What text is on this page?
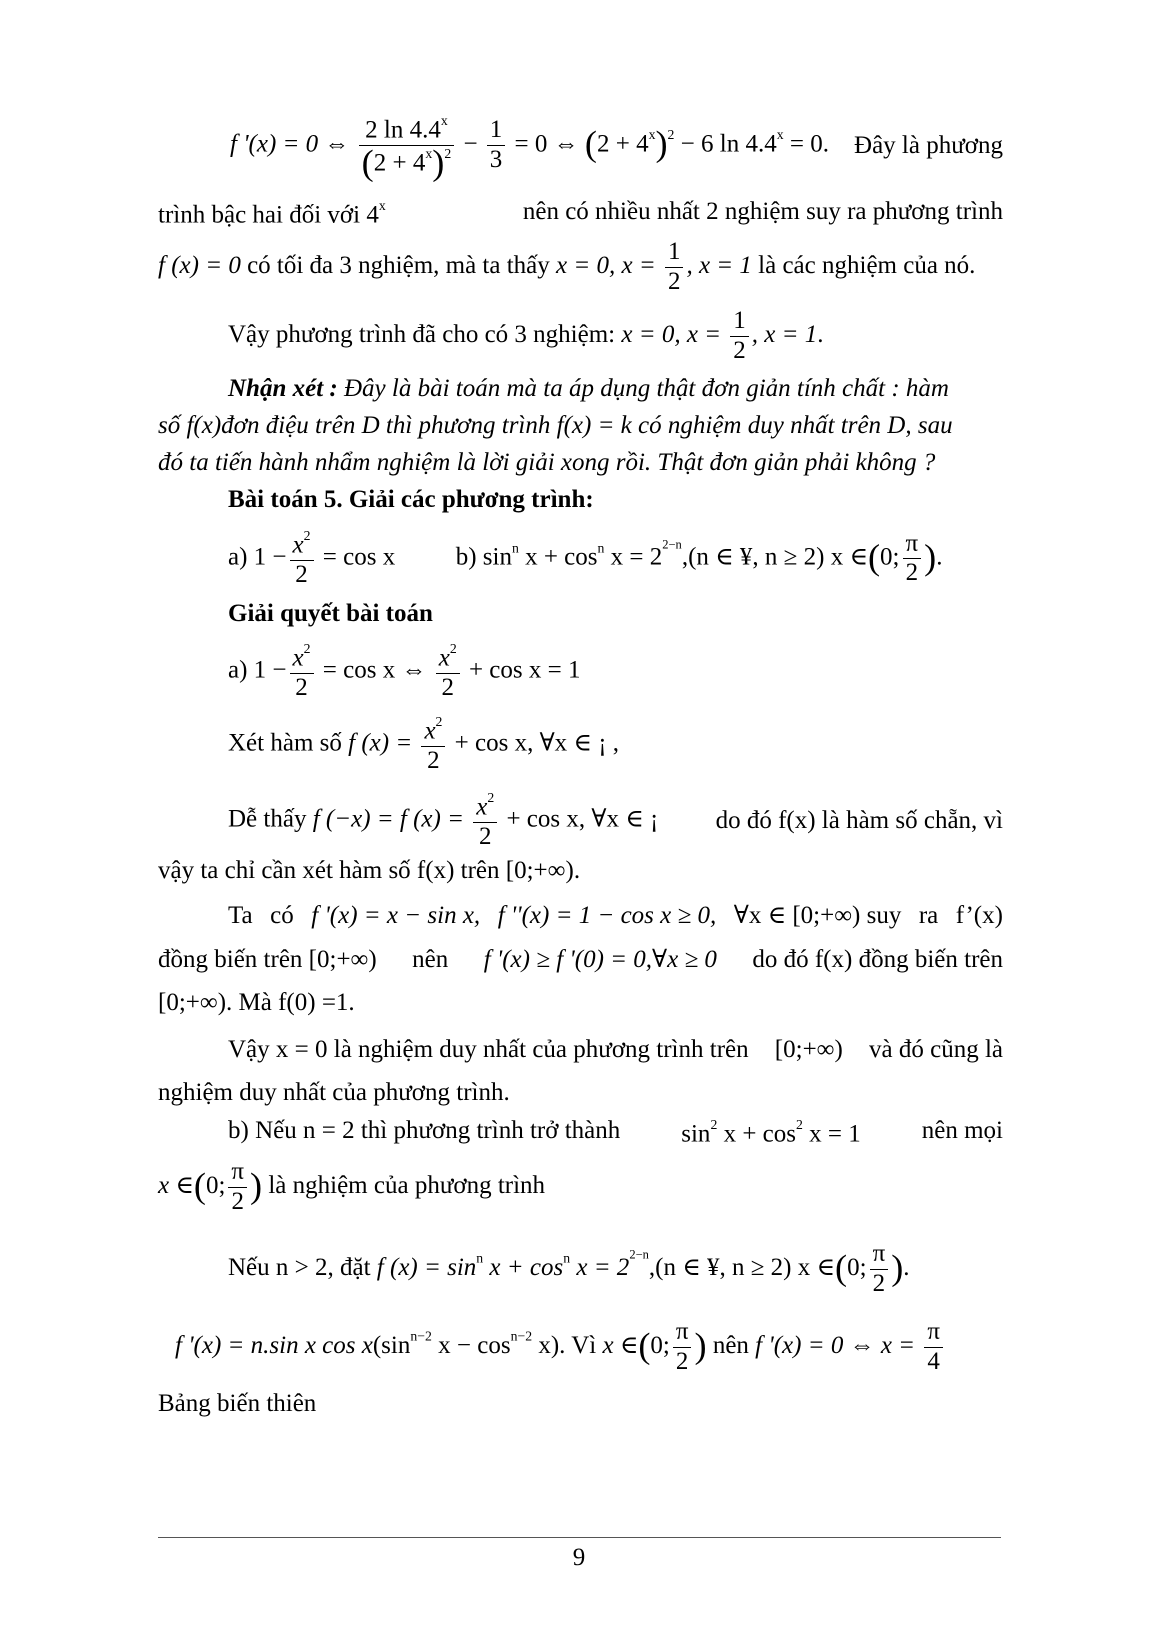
f '(x) = 0 ⇔ $\frac{2 \ln 4.4^x}{(2 + 4^x)^2} - \frac{1}{3} = 0$ ⇔ $(2 + 4^x)^2 - 6$ $\ln 4.4^x = 0$. Đây là phương
trình bậc hai đối với 4$^x$	nên có nhiều nhất 2 nghiệm suy ra phương trình
f (x) = 0 có tối đa 3 nghiệm, mà ta thấy x = 0, $x = \frac{1}{2}$ , x = 1 là các nghiệm của nó.
Vậy phương trình đã cho có 3 nghiệm: x = 0, $x = \frac{1}{2}$ , x = 1.
Nhận xét : Đây là bài toán mà ta áp dụng thật đơn giản tính chất : hàm
số f(x)đơn điệu trên D thì phương trình f(x) = k có nghiệm duy nhất trên D, sau
đó ta tiến hành nhẩm nghiệm là lời giải xong rồi. Thật đơn giản phải không ?
Bài toán 5. Giải các phương trình:
a) $1 - \frac{x^2}{2} = \cos x$ b) $\sin^n x + \cos^n x = 2^{2-n},(n$ ∈ ¥, n ≥ 2) x ∈(0; $\frac{\pi}{2}$ ).
Giải quyết bài toán
a) $1 - \frac{x^2}{2} = \cos x$ ⇔ $\frac{x^2}{2} + \cos x = 1$
Xét hàm số f $(x) = \frac{x^2}{2} + \cos x$, ∀x ∈ ¡ ,
Dễ thấy f (−x) = f $(x) = \frac{x^2}{2} + \cos x$, ∀x ∈ ¡ do đó f(x) là hàm số chẵn, vì
vậy ta chỉ cần xét hàm số f(x) trên [0;+∞).
Ta có f '(x) = x − sin x, f ''(x) = 1 − cos x ≥ 0, ∀x ∈ [0;+∞) suy ra f’(x)
đồng biến trên [0;+∞) nên f '(x) ≥ f '(0) = 0,∀x ≥ 0 do đó f(x) đồng biến trên
[0;+∞). Mà f(0) =1.
Vậy x = 0 là nghiệm duy nhất của phương trình trên [0;+∞) và đó cũng là
nghiệm duy nhất của phương trình.
b) Nếu n = 2 thì phương trình trở thành $\sin^2 x + \cos^2 x = 1$ nên mọi
x ∈(0; $\frac{\pi}{2}$ ) là nghiệm của phương trình
Nếu n > 2, đặt f $(x) = \sin^n x + \cos^n x = 2^{2-n},(n$ ∈ ¥, n ≥ 2) x ∈(0; $\frac{\pi}{2}$ ).
f '(x) = n.sin x $\cos x(\sin^{n-2}$ $x - \cos^{n-2} x$). Vì x ∈(0; $\frac{\pi}{2}$ ) nên f '(x) = 0 ⇔ $x = \frac{\pi}{4}$
Bảng biến thiên
9
